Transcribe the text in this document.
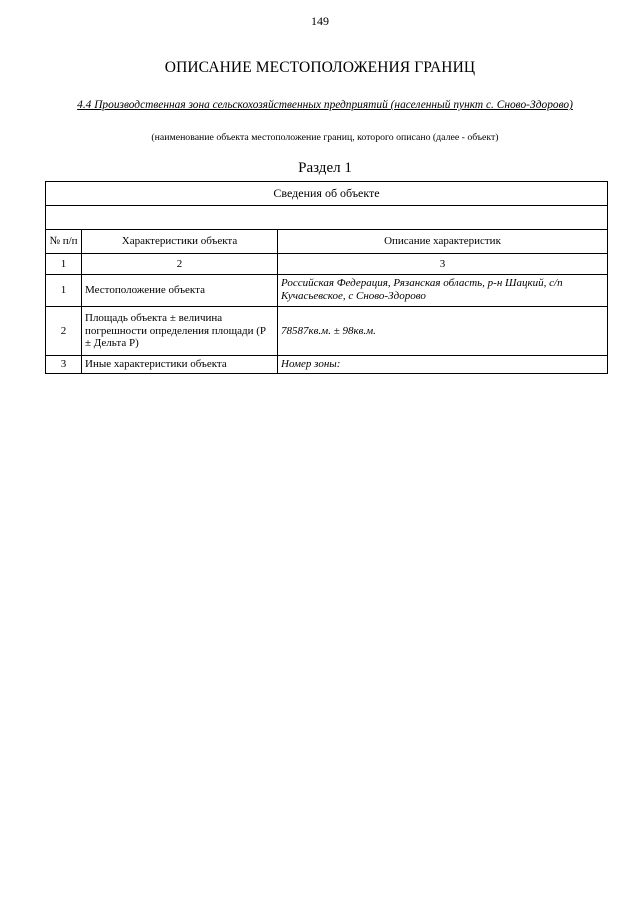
149
ОПИСАНИЕ МЕСТОПОЛОЖЕНИЯ ГРАНИЦ
4.4 Производственная зона сельскохозяйственных предприятий (населенный пункт с. Сново-Здорово)
(наименование объекта местоположение границ, которого описано (далее - объект)
Раздел 1
Сведения об объекте		

№ п/п	Характеристики объекта	Описание характеристик
1	2	3
1	Местоположение объекта	Российская Федерация, Рязанская область, р-н Шацкий, с/п Кучасьевское, с Сново-Здорово
2	Площадь объекта ± величина погрешности определения площади (P ± Дельта P)	78587кв.м. ± 98кв.м.
3	Иные характеристики объекта	Номер зоны:
